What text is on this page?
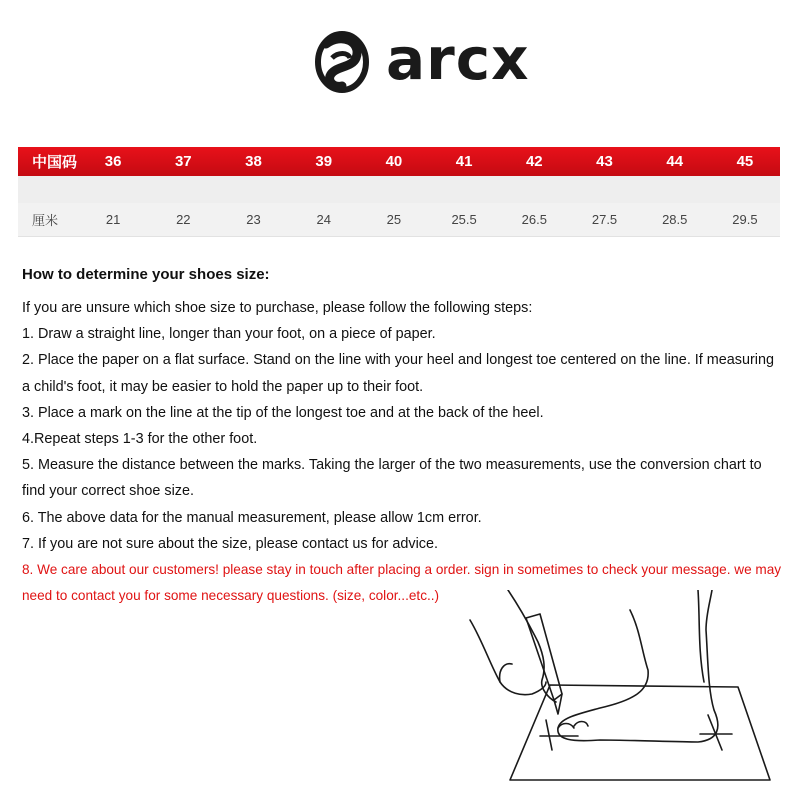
arcx
中国码	36	37	38	39	40	41	42	43	44	45
厘米	21	22	23	24	25	25.5	26.5	27.5	28.5	29.5
How to determine your shoes size:

If you are unsure which shoe size to purchase, please follow the following steps:

1. Draw a straight line, longer than your foot, on a piece of paper.

2. Place the paper on a flat surface. Stand on the line with your heel and longest toe centered on the line. If measuring a child's foot, it may be easier to hold the paper up to their foot.

3. Place a mark on the line at the tip of the longest toe and at the back of the heel.

4.Repeat steps 1-3 for the other foot.

5. Measure the distance between the marks. Taking the larger of the two measurements, use the conversion chart to find your correct shoe size.

6. The above data for the manual measurement, please allow 1cm error.

7. If you are not sure about the size, please contact us for advice.

8. We care about our customers! please stay in touch after placing a order. sign in sometimes to check your message. we may need to contact you for some necessary questions. (size, color...etc..)
